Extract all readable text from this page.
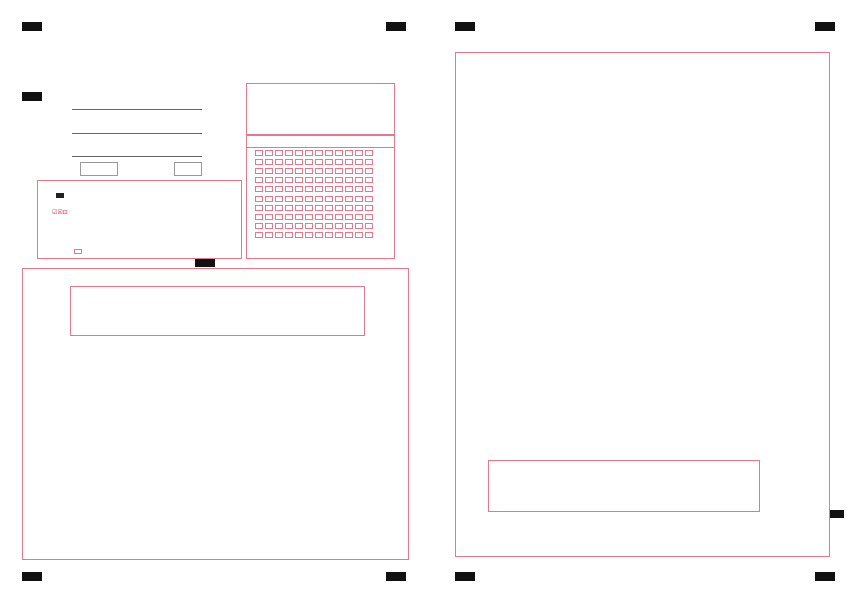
☑☒⊡
